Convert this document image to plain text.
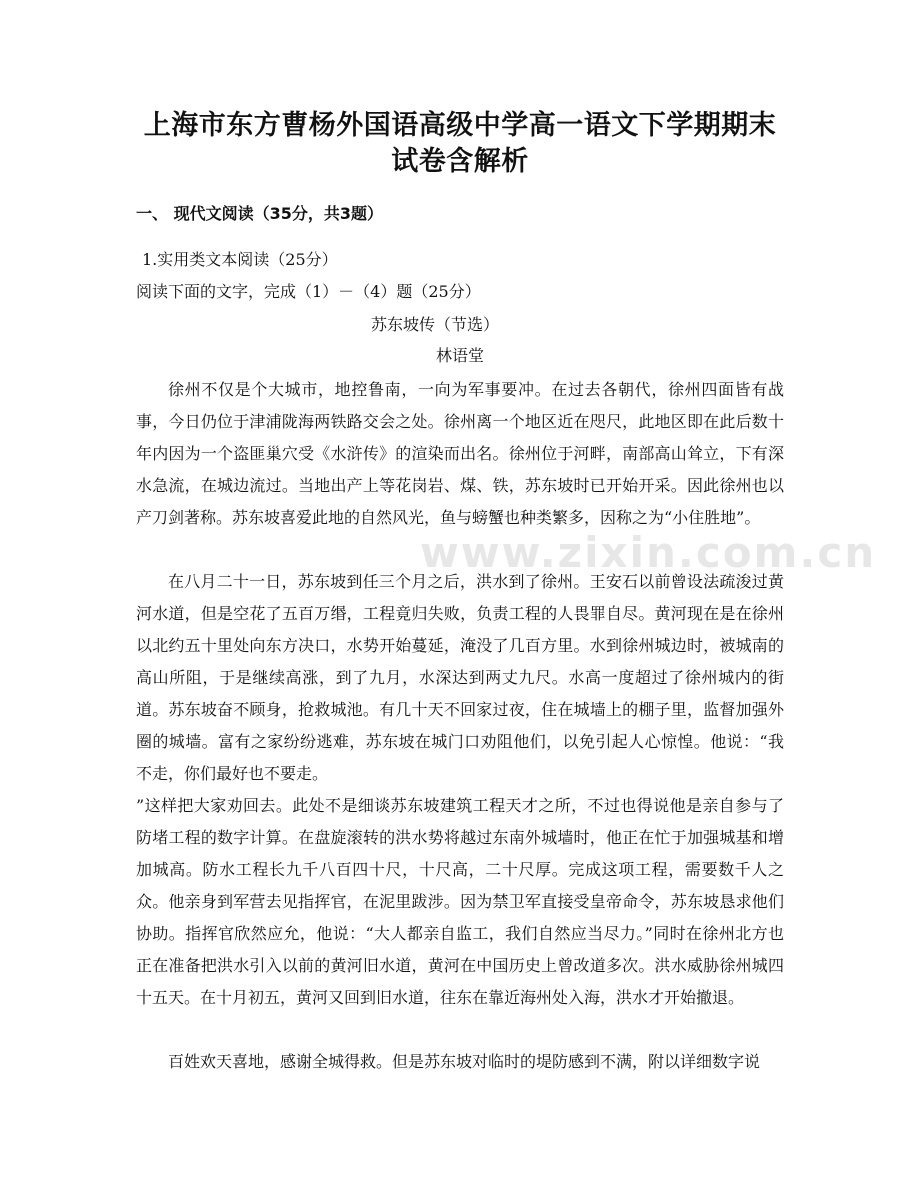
上海市东方曹杨外国语高级中学高一语文下学期期末
试卷含解析
一、 现代文阅读（35分，共3题）
1.实用类文本阅读（25分）
阅读下面的文字，完成（1）－（4）题（25分）
苏东坡传（节选）
林语堂
www.zixin.com.cn

徐州不仅是个大城市，地控鲁南，一向为军事要冲。在过去各朝代，徐州四面皆有战事，今日仍位于津浦陇海两铁路交会之处。徐州离一个地区近在咫尺，此地区即在此后数十年内因为一个盗匪巢穴受《水浒传》的渲染而出名。徐州位于河畔，南部高山耸立，下有深水急流，在城边流过。当地出产上等花岗岩、煤、铁，苏东坡时已开始开采。因此徐州也以产刀剑著称。苏东坡喜爱此地的自然风光，鱼与螃蟹也种类繁多，因称之为“小住胜地”。

在八月二十一日，苏东坡到任三个月之后，洪水到了徐州。王安石以前曾设法疏浚过黄河水道，但是空花了五百万缗，工程竟归失败，负责工程的人畏罪自尽。黄河现在是在徐州以北约五十里处向东方决口，水势开始蔓延，淹没了几百方里。水到徐州城边时，被城南的高山所阻，于是继续高涨，到了九月，水深达到两丈九尺。水高一度超过了徐州城内的街道。苏东坡奋不顾身，抢救城池。有几十天不回家过夜，住在城墙上的棚子里，监督加强外圈的城墙。富有之家纷纷逃难，苏东坡在城门口劝阻他们，以免引起人心惊惶。他说：“我不走，你们最好也不要走。

”这样把大家劝回去。此处不是细谈苏东坡建筑工程天才之所，不过也得说他是亲自参与了防堵工程的数字计算。在盘旋滚转的洪水势将越过东南外城墙时，他正在忙于加强城基和增加城高。防水工程长九千八百四十尺，十尺高，二十尺厚。完成这项工程，需要数千人之众。他亲身到军营去见指挥官，在泥里跋涉。因为禁卫军直接受皇帝命令，苏东坡恳求他们协助。指挥官欣然应允，他说：“大人都亲自监工，我们自然应当尽力。”同时在徐州北方也正在准备把洪水引入以前的黄河旧水道，黄河在中国历史上曾改道多次。洪水威胁徐州城四十五天。在十月初五，黄河又回到旧水道，往东在靠近海州处入海，洪水才开始撤退。

百姓欢天喜地，感谢全城得救。但是苏东坡对临时的堤防感到不满，附以详细数字说
